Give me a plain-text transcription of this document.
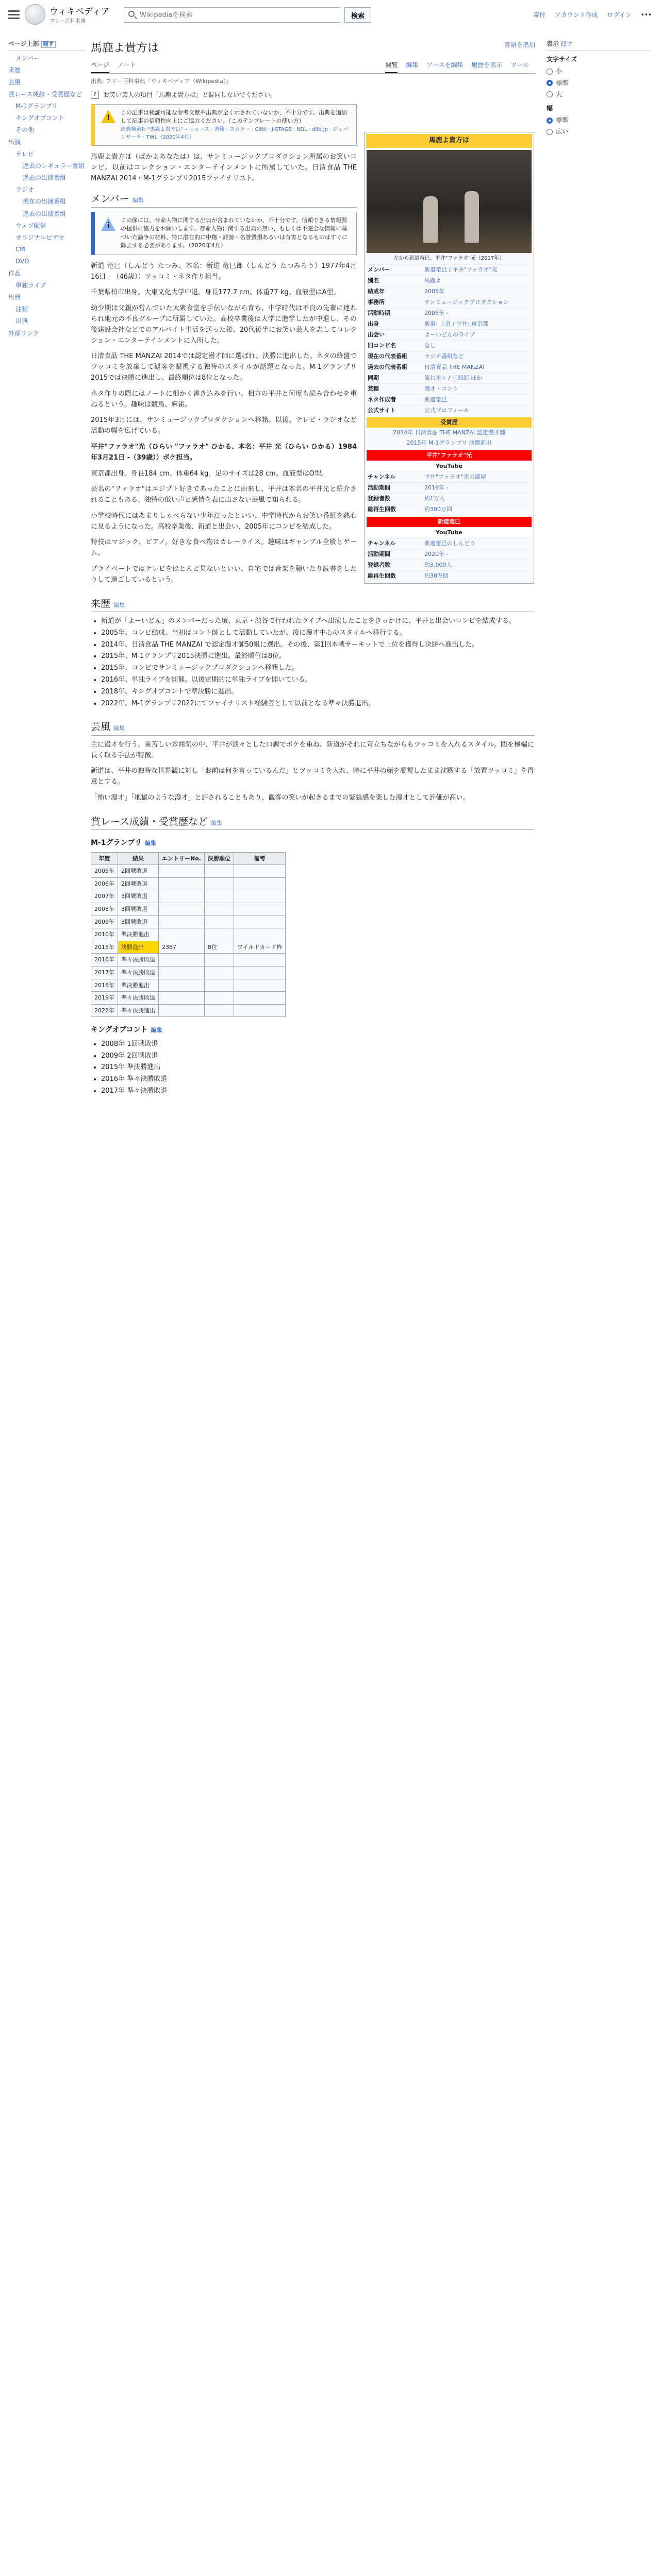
ウィキペディア
フリー百科事典
Wikipediaを検索
検索	寄付 アカウント作成 ログイン •••
ページ上部 隠す
メンバー
来歴
芸風
賞レース成績・受賞歴など
M-1グランプリ
キングオブコント
その他
出演
テレビ
過去のレギュラー番組
過去の出演番組
ラジオ
現在の出演番組
過去の出演番組
ウェブ配信
オリジナルビデオ
CM
DVD
作品
単独ライブ
出典
注釈
出典
外部リンク
馬鹿よ貴方は	言語を追加
ページ ノート	閲覧 編集 ソースを編集 履歴を表示 ツール
出典: フリー百科事典『ウィキペディア（Wikipedia）』
?	お笑い芸人の項目「馬鹿よ貴方は」と混同しないでください。
!
この記事は検証可能な参考文献や出典が全く示されていないか、不十分です。出典を追加して記事の信頼性向上にご協力ください。（このテンプレートの使い方）
出典検索?: "馬鹿よ貴方は" – ニュース · 書籍 · スカラー · CiNii · J-STAGE · NDL · dlib.jp · ジャパンサーチ · TWL（2020年4月）

馬鹿よ貴方は（ばかよあなたは）は、サンミュージックプロダクション所属のお笑いコンビ。以前はコレクション・エンターテインメントに所属していた。日清食品 THE MANZAI 2014・M-1グランプリ2015ファイナリスト。

メンバー 編集
i
この節には、存命人物に関する出典が含まれていないか、不十分です。信頼できる情報源の提供に協力をお願いします。存命人物に関する出典の無い、もしくは不完全な情報に基づいた論争の材料、特に潜在的に中傷・誹謗・名誉毀損あるいは有害となるものはすぐに除去する必要があります。（2020年4月）

新道 竜巳（しんどう たつみ、本名：新道 竜巳郎（しんどう たつみろう）1977年4月16日 - （46歳））ツッコミ・ネタ作り担当。

千葉県柏市出身。大東文化大学中退。身長177.7 cm、体重77 kg。血液型はA型。

幼少期は父親が営んでいた大衆食堂を手伝いながら育ち、中学時代は不良の先輩に連れられ地元の不良グループに所属していた。高校卒業後は大学に進学したが中退し、その後建設会社などでのアルバイト生活を送った後、20代後半にお笑い芸人を志してコレクション・エンターテインメントに入所した。

日清食品 THE MANZAI 2014では認定漫才師に選ばれ、決勝に進出した。ネタの終盤でツッコミを放棄して観客を凝視する独特のスタイルが話題となった。M-1グランプリ2015では決勝に進出し、最終順位は8位となった。

ネタ作りの際にはノートに細かく書き込みを行い、相方の平井と何度も読み合わせを重ねるという。趣味は競馬、麻雀。

2015年3月には、サンミュージックプロダクションへ移籍。以後、テレビ・ラジオなど活動の幅を広げている。

平井"ファラオ"光（ひらい "ファラオ" ひかる、本名：平井 光（ひらい ひかる）1984年3月21日 -（39歳））ボケ担当。

東京都出身。身長184 cm、体重64 kg。足のサイズは28 cm。血液型はO型。

芸名の"ファラオ"はエジプト好きであったことに由来し、平井は本名の平井光と紹介されることもある。独特の低い声と感情を表に出さない芸風で知られる。

小学校時代にはあまりしゃべらない少年だったといい、中学時代からお笑い番組を熱心に見るようになった。高校卒業後、新道と出会い、2005年にコンビを結成した。

特技はマジック、ピアノ。好きな食べ物はカレーライス。趣味はギャンブル全般とゲーム。

プライベートではテレビをほとんど見ないといい、自宅では音楽を聴いたり読書をしたりして過ごしているという。

来歴 編集
• 新道が「よーいどん」のメンバーだった頃、東京・渋谷で行われたライブへ出演したことをきっかけに、平井と出会いコンビを結成する。
• 2005年、コンビ結成。当初はコント師として活動していたが、後に漫才中心のスタイルへ移行する。
• 2014年、日清食品 THE MANZAI で認定漫才師50組に選出。その後、第1回本戦サーキットで上位を獲得し決勝へ進出した。
• 2015年、M-1グランプリ2015決勝に進出。最終順位は8位。
• 2015年、コンビでサンミュージックプロダクションへ移籍した。
• 2016年、単独ライブを開催。以後定期的に単独ライブを開いている。
• 2018年、キングオブコントで準決勝に進出。
• 2022年、M-1グランプリ2022にてファイナリスト経験者として以前となる準々決勝進出。
芸風 編集

主に漫才を行う。重苦しい雰囲気の中、平井が淡々とした口調でボケを重ね、新道がそれに苛立ちながらもツッコミを入れるスタイル。間を極端に長く取る手法が特徴。

新道は、平井の独特な世界観に対し「お前は何を言っているんだ」とツッコミを入れ、時に平井の顔を凝視したまま沈黙する「放置ツッコミ」を得意とする。

「怖い漫才」「地獄のような漫才」と評されることもあり、観客の笑いが起きるまでの緊張感を楽しむ漫才として評価が高い。

賞レース成績・受賞歴など 編集
M-1グランプリ 編集
年度	結果	エントリーNo.	決勝順位	備考
2005年	2回戦敗退			
2006年	2回戦敗退			
2007年	3回戦敗退			
2008年	3回戦敗退			
2009年	3回戦敗退			
2010年	準決勝進出			
2015年	決勝進出	2387	8位	ワイルドカード枠
2016年	準々決勝敗退			
2017年	準々決勝敗退			
2018年	準決勝進出			
2019年	準々決勝敗退			
2022年	準々決勝進出			
キングオブコント 編集
• 2008年 1回戦敗退
• 2009年 2回戦敗退
• 2015年 準決勝進出
• 2016年 準々決勝敗退
• 2017年 準々決勝敗退
馬鹿よ貴方は
左から新道竜巳、平井"ファラオ"光（2017年）
メンバー	新道竜巳 / 平井"ファラオ"光
別名	馬鹿よ
結成年	2005年
事務所	サンミュージックプロダクション
活動時期	2005年 -
出身	新道: 上京 / 平井: 東京都
出会い	よーいどんのライブ
旧コンビ名	なし
現在の代表番組	ラジオ番組など
過去の代表番組	日清食品 THE MANZAI
同期	流れ星☆ / 三四郎 ほか
芸種	漫才・コント
ネタ作成者	新道竜巳
公式サイト	公式プロフィール
受賞歴
2014年 日清食品 THE MANZAI 認定漫才師
2015年 M-1グランプリ 決勝進出
平井"ファラオ"光
YouTube
チャンネル	平井"ファラオ"光の部屋
活動期間	2019年 -
登録者数	約1万人
総再生回数	約300万回
新道竜巳
YouTube
チャンネル	新道竜巳のしんどう
活動期間	2020年 -
登録者数	約3,000人
総再生回数	約30万回
表示 隠す
文字サイズ
小
標準
大
幅
標準
広い
